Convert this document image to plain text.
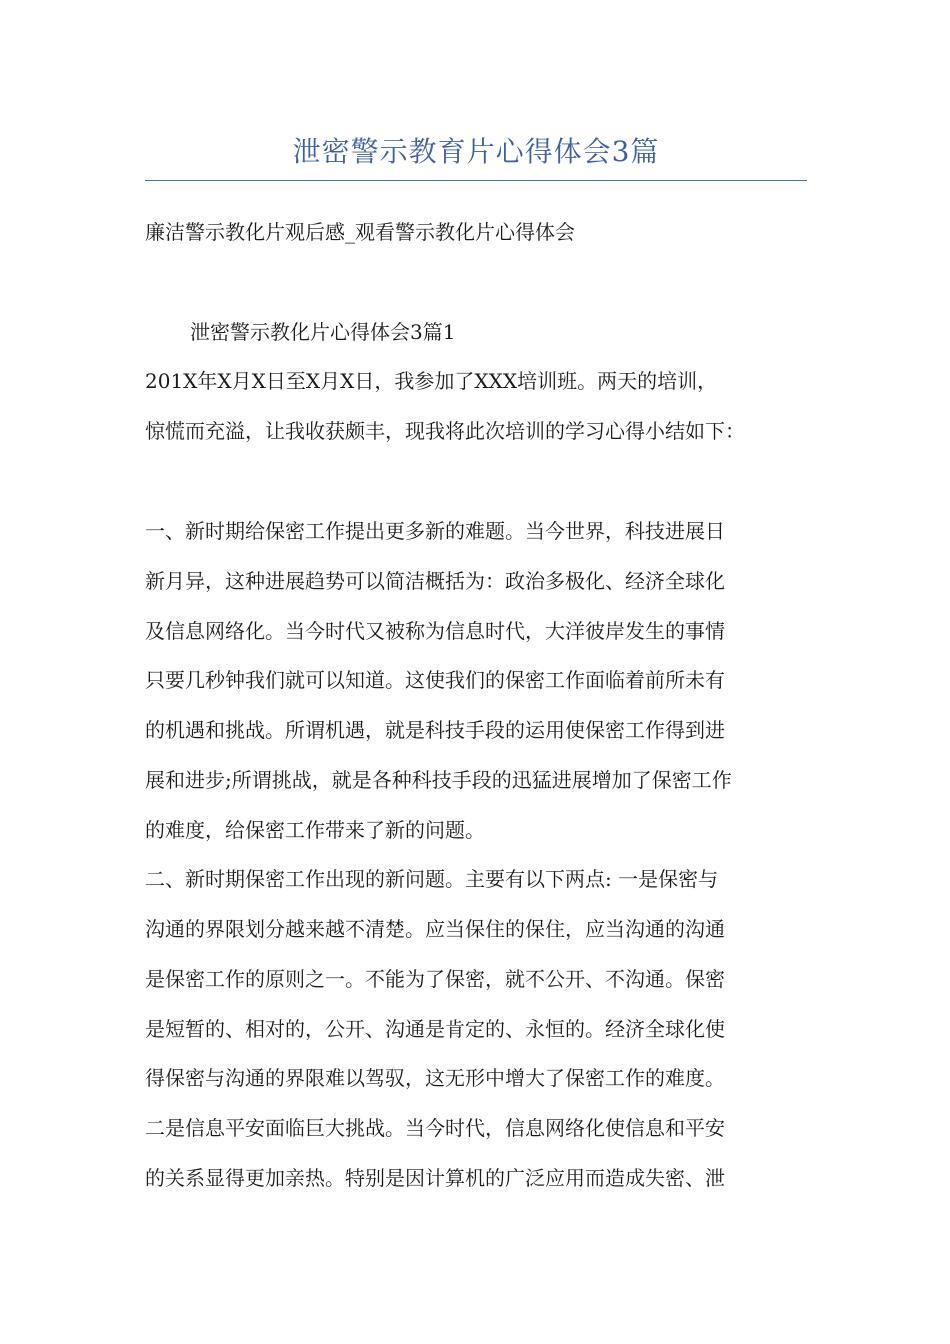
泄密警示教育片心得体会3篇
廉洁警示教化片观后感_观看警示教化片心得体会
泄密警示教化片心得体会3篇1
201X年X月X日至X月X日，我参加了XXX培训班。两天的培训，
惊慌而充溢，让我收获颇丰，现我将此次培训的学习心得小结如下：
一、新时期给保密工作提出更多新的难题。当今世界，科技进展日
新月异，这种进展趋势可以简洁概括为：政治多极化、经济全球化
及信息网络化。当今时代又被称为信息时代，大洋彼岸发生的事情
只要几秒钟我们就可以知道。这使我们的保密工作面临着前所未有
的机遇和挑战。所谓机遇，就是科技手段的运用使保密工作得到进
展和进步;所谓挑战，就是各种科技手段的迅猛进展增加了保密工作
的难度，给保密工作带来了新的问题。
二、新时期保密工作出现的新问题。主要有以下两点: 一是保密与
沟通的界限划分越来越不清楚。应当保住的保住，应当沟通的沟通
是保密工作的原则之一。不能为了保密，就不公开、不沟通。保密
是短暂的、相对的，公开、沟通是肯定的、永恒的。经济全球化使
得保密与沟通的界限难以驾驭，这无形中增大了保密工作的难度。
二是信息平安面临巨大挑战。当今时代，信息网络化使信息和平安
的关系显得更加亲热。特别是因计算机的广泛应用而造成失密、泄
